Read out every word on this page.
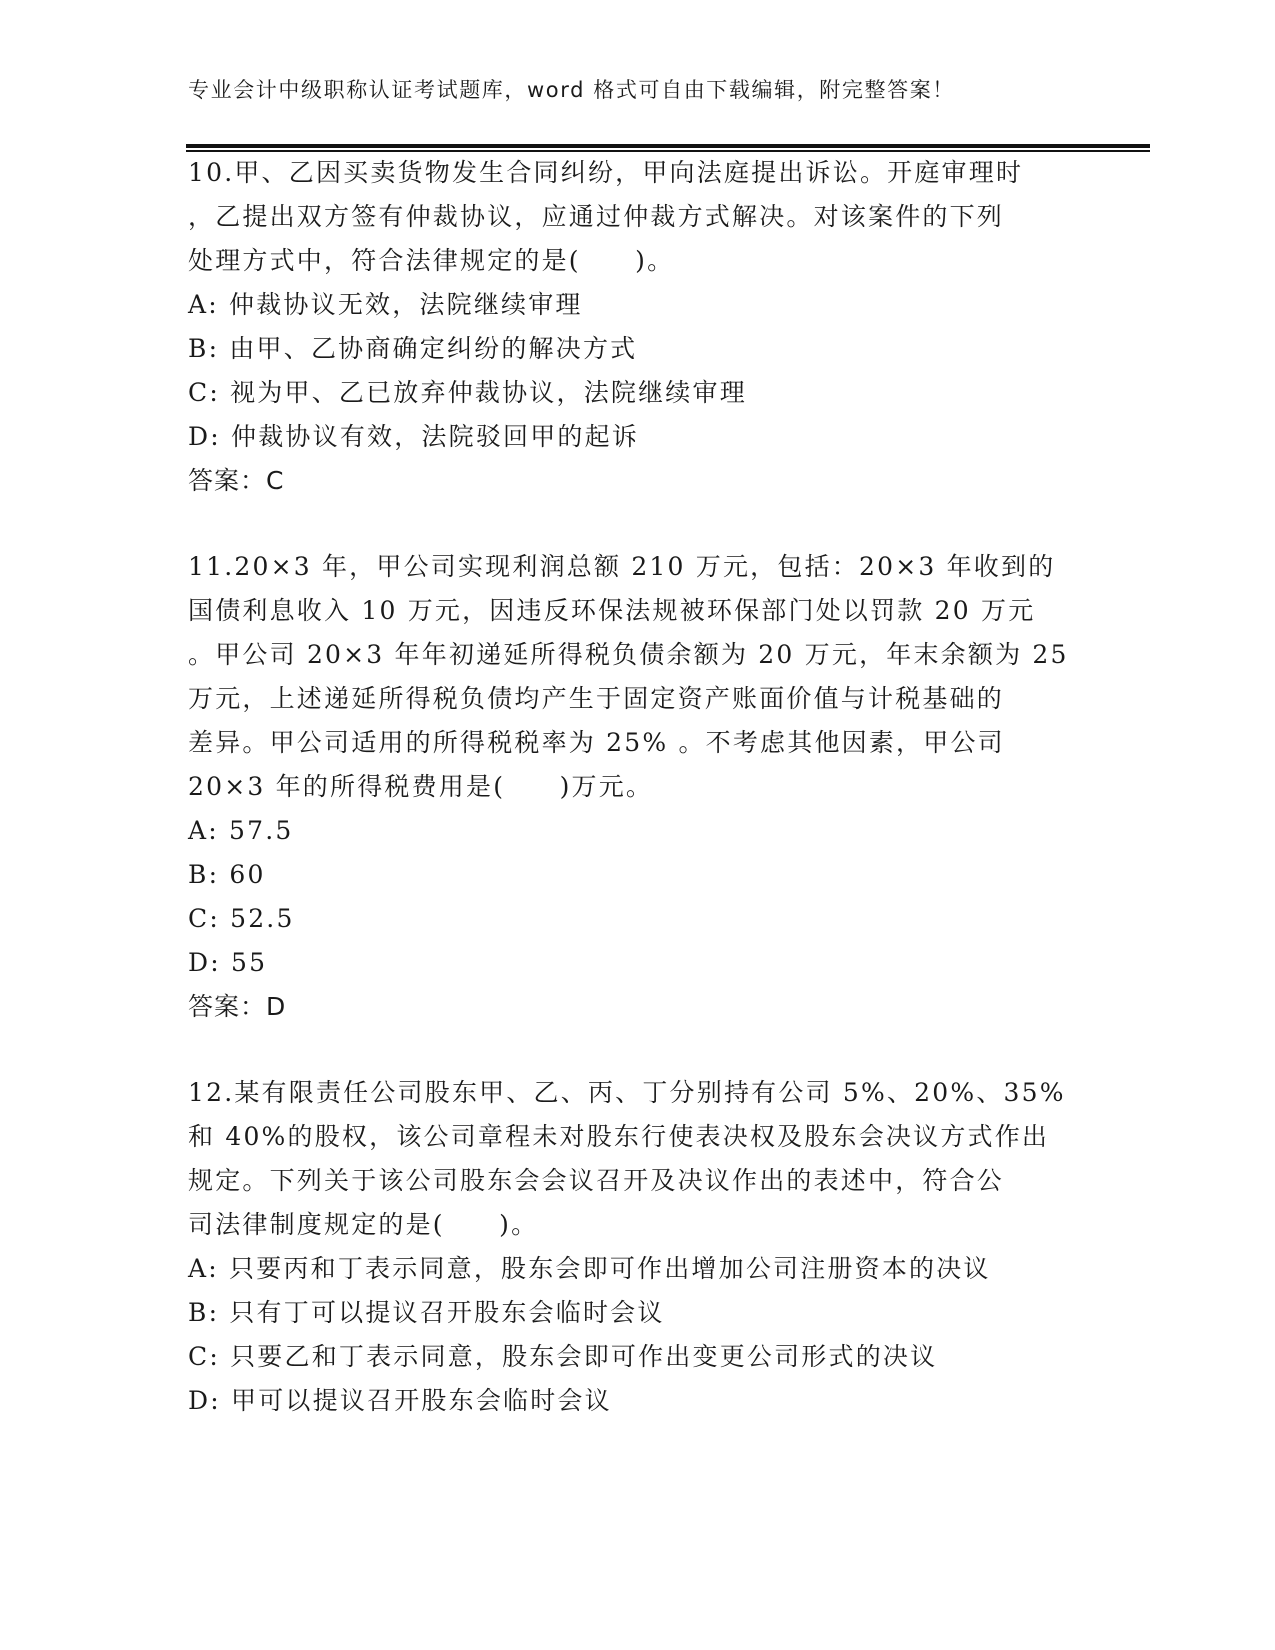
专业会计中级职称认证考试题库，word 格式可自由下载编辑，附完整答案！
10.甲、乙因买卖货物发生合同纠纷，甲向法庭提出诉讼。开庭审理时
，乙提出双方签有仲裁协议，应通过仲裁方式解决。对该案件的下列
处理方式中，符合法律规定的是(　　)。
A: 仲裁协议无效，法院继续审理
B: 由甲、乙协商确定纠纷的解决方式
C: 视为甲、乙已放弃仲裁协议，法院继续审理
D: 仲裁协议有效，法院驳回甲的起诉
答案：C
11.20×3 年，甲公司实现利润总额 210 万元，包括：20×3 年收到的
国债利息收入 10 万元，因违反环保法规被环保部门处以罚款 20 万元
。甲公司 20×3 年年初递延所得税负债余额为 20 万元，年末余额为 25
万元，上述递延所得税负债均产生于固定资产账面价值与计税基础的
差异。甲公司适用的所得税税率为 25% 。不考虑其他因素，甲公司
20×3 年的所得税费用是(　　)万元。
A: 57.5
B: 60
C: 52.5
D: 55
答案：D
12.某有限责任公司股东甲、乙、丙、丁分别持有公司 5%、20%、35%
和 40%的股权，该公司章程未对股东行使表决权及股东会决议方式作出
规定。下列关于该公司股东会会议召开及决议作出的表述中，符合公
司法律制度规定的是(　　)。
A: 只要丙和丁表示同意，股东会即可作出增加公司注册资本的决议
B: 只有丁可以提议召开股东会临时会议
C: 只要乙和丁表示同意，股东会即可作出变更公司形式的决议
D: 甲可以提议召开股东会临时会议
